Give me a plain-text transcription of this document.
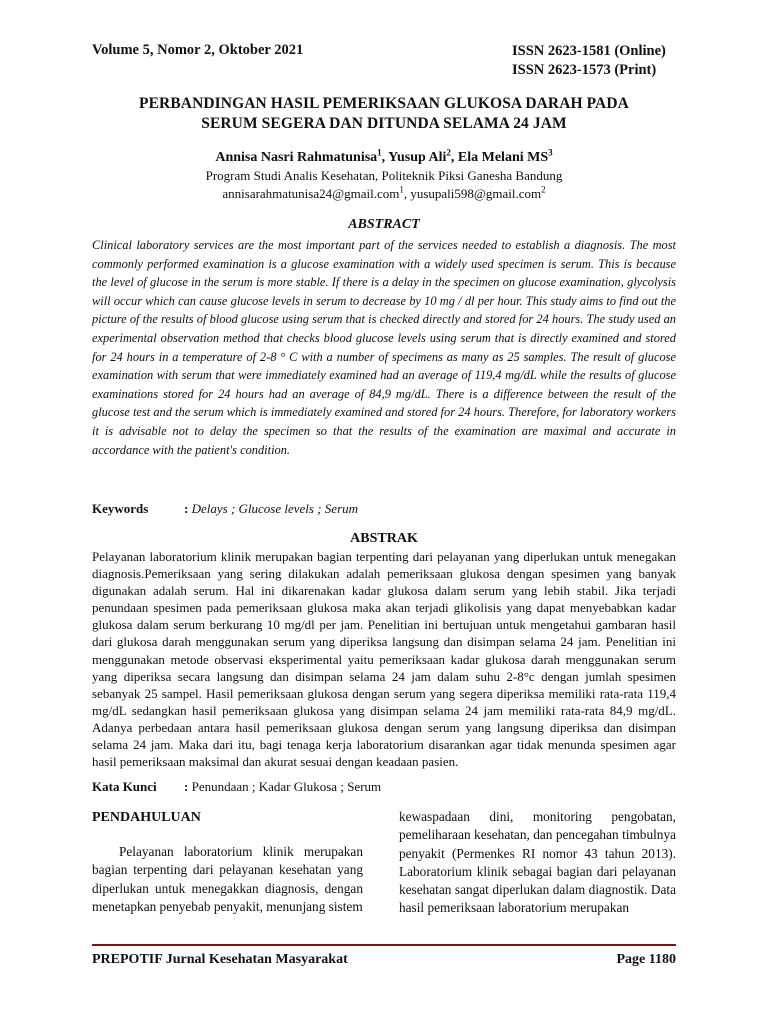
Volume 5, Nomor 2, Oktober 2021	ISSN 2623-1581 (Online)
ISSN 2623-1573 (Print)
PERBANDINGAN HASIL PEMERIKSAAN GLUKOSA DARAH PADA
SERUM SEGERA DAN DITUNDA SELAMA 24 JAM
Annisa Nasri Rahmatunisa$^1$, Yusup Ali$^2$, Ela Melani $MS^3$
Program Studi Analis Kesehatan, Politeknik Piksi Ganesha Bandung
annisarahmatunisa24@gmail.com$^1$, yusupali598@gmail.com$^2$
ABSTRACT

Clinical laboratory services are the most important part of the services needed to establish a diagnosis. The most commonly performed examination is a glucose examination with a widely used specimen is serum. This is because the level of glucose in the serum is more stable. If there is a delay in the specimen on glucose examination, glycolysis will occur which can cause glucose levels in serum to decrease by 10 mg / dl per hour. This study aims to find out the picture of the results of blood glucose using serum that is checked directly and stored for 24 hours. The study used an experimental observation method that checks blood glucose levels using serum that is directly examined and stored for 24 hours in a temperature of 2-8 ° C with a number of specimens as many as 25 samples. The result of glucose examination with serum that were immediately examined had an average of 119,4 mg/dL while the results of glucose examinations stored for 24 hours had an average of 84,9 mg/dL. There is a difference between the result of the glucose test and the serum which is immediately examined and stored for 24 hours. Therefore, for laboratory workers it is advisable not to delay the specimen so that the results of the examination are maximal and accurate in accordance with the patient's condition.

Keywords	: Delays ; Glucose levels ; Serum
ABSTRAK

Pelayanan laboratorium klinik merupakan bagian terpenting dari pelayanan yang diperlukan untuk menegakan diagnosis.Pemeriksaan yang sering dilakukan adalah pemeriksaan glukosa dengan spesimen yang banyak digunakan adalah serum. Hal ini dikarenakan kadar glukosa dalam serum yang lebih stabil. Jika terjadi penundaan spesimen pada pemeriksaan glukosa maka akan terjadi glikolisis yang dapat menyebabkan kadar glukosa dalam serum berkurang 10 mg/dl per jam. Penelitian ini bertujuan untuk mengetahui gambaran hasil dari glukosa darah menggunakan serum yang diperiksa langsung dan disimpan selama 24 jam. Penelitian ini menggunakan metode observasi eksperimental yaitu pemeriksaan kadar glukosa darah menggunakan serum yang diperiksa secara langsung dan disimpan selama 24 jam dalam suhu 2-8°c dengan jumlah spesimen sebanyak 25 sampel. Hasil pemeriksaan glukosa dengan serum yang segera diperiksa memiliki rata-rata 119,4 mg/dL sedangkan hasil pemeriksaan glukosa yang disimpan selama 24 jam memiliki rata-rata 84,9 mg/dL. Adanya perbedaan antara hasil pemeriksaan glukosa dengan serum yang langsung diperiksa dan disimpan selama 24 jam. Maka dari itu, bagi tenaga kerja laboratorium disarankan agar tidak menunda spesimen agar hasil pemeriksaan maksimal dan akurat sesuai dengan keadaan pasien.

Kata Kunci : Penundaan ; Kadar Glukosa ; Serum
PENDAHULUAN

Pelayanan laboratorium klinik merupakan bagian terpenting dari pelayanan kesehatan yang diperlukan untuk menegakkan diagnosis, dengan menetapkan penyebab penyakit, menunjang sistem

kewaspadaan dini, monitoring pengobatan, pemeliharaan kesehatan, dan pencegahan timbulnya penyakit (Permenkes RI nomor 43 tahun 2013). Laboratorium klinik sebagai bagian dari pelayanan kesehatan sangat diperlukan dalam diagnostik. Data hasil pemeriksaan laboratorium merupakan

PREPOTIF Jurnal Kesehatan Masyarakat	Page 1180
